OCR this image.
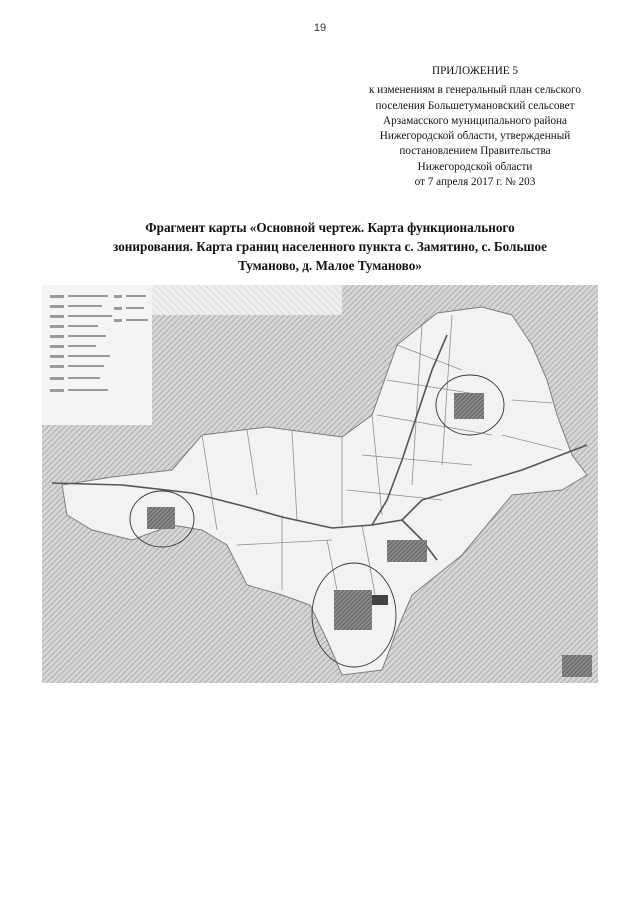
19
ПРИЛОЖЕНИЕ 5
к изменениям в генеральный план сельского
поселения Большетумановский сельсовет
Арзамасского муниципального района
Нижегородской области, утвержденный
постановлением Правительства
Нижегородской области
от 7 апреля 2017 г. № 203
Фрагмент карты «Основной чертеж. Карта функционального
зонирования. Карта границ населенного пункта с. Замятино, с. Большое
Туманово, д. Малое Туманово»
